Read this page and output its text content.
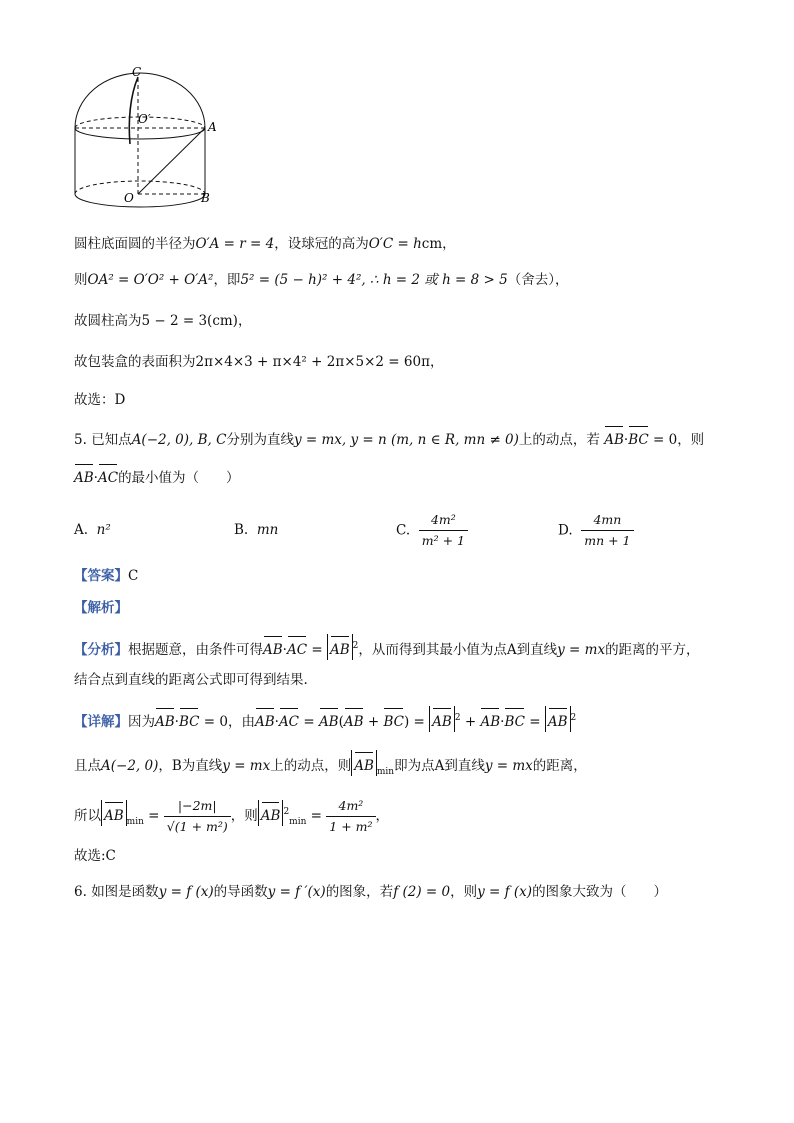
C
O′
A
O	B
圆柱底面圆的半径为O′A = r = 4，设球冠的高为O′C = hcm，
则OA² = O′O² + O′A²，即5² = (5 − h)² + 4², ∴ h = 2 或 h = 8 > 5（舍去），
故圆柱高为5 − 2 = 3(cm)，
故包装盒的表面积为2π×4×3 + π×4² + 2π×5×2 = 60π，
故选：D
5. 已知点A(−2, 0), B, C分别为直线y = mx, y = n (m, n ∈ R, mn ≠ 0)上的动点，若 AB·BC = 0，则
AB·AC的最小值为（　　）
A. n²	B. mn	C. $\frac{\text{4m²}}{\text{m² + 1}}$	D. $\frac{4mn}{mn + 1}$
【答案】C
【解析】
【分析】根据题意，由条件可得AB·AC = AB $^2$，从而得到其最小值为点A到直线y = mx的距离的平方，
结合点到直线的距离公式即可得到结果.
【详解】因为AB·BC = 0，由AB·AC = AB(AB + BC) = AB $^2$ + AB·BC = AB $^2$
且点A(−2, 0)，B为直线y = mx上的动点，则 AB $_{min}$即为点A到直线y = mx的距离，
所以 AB $_{min} = \frac{|-2m|}{\text{√(1 + m²)}}$ ，则 AB $^2_{min} = \frac{\text{4m²}}{\text{1 + m²}}$ ，
故选:C
6. 如图是函数y = f (x)的导函数y = f ′(x)的图象，若f (2) = 0，则y = f (x)的图象大致为（　　）
